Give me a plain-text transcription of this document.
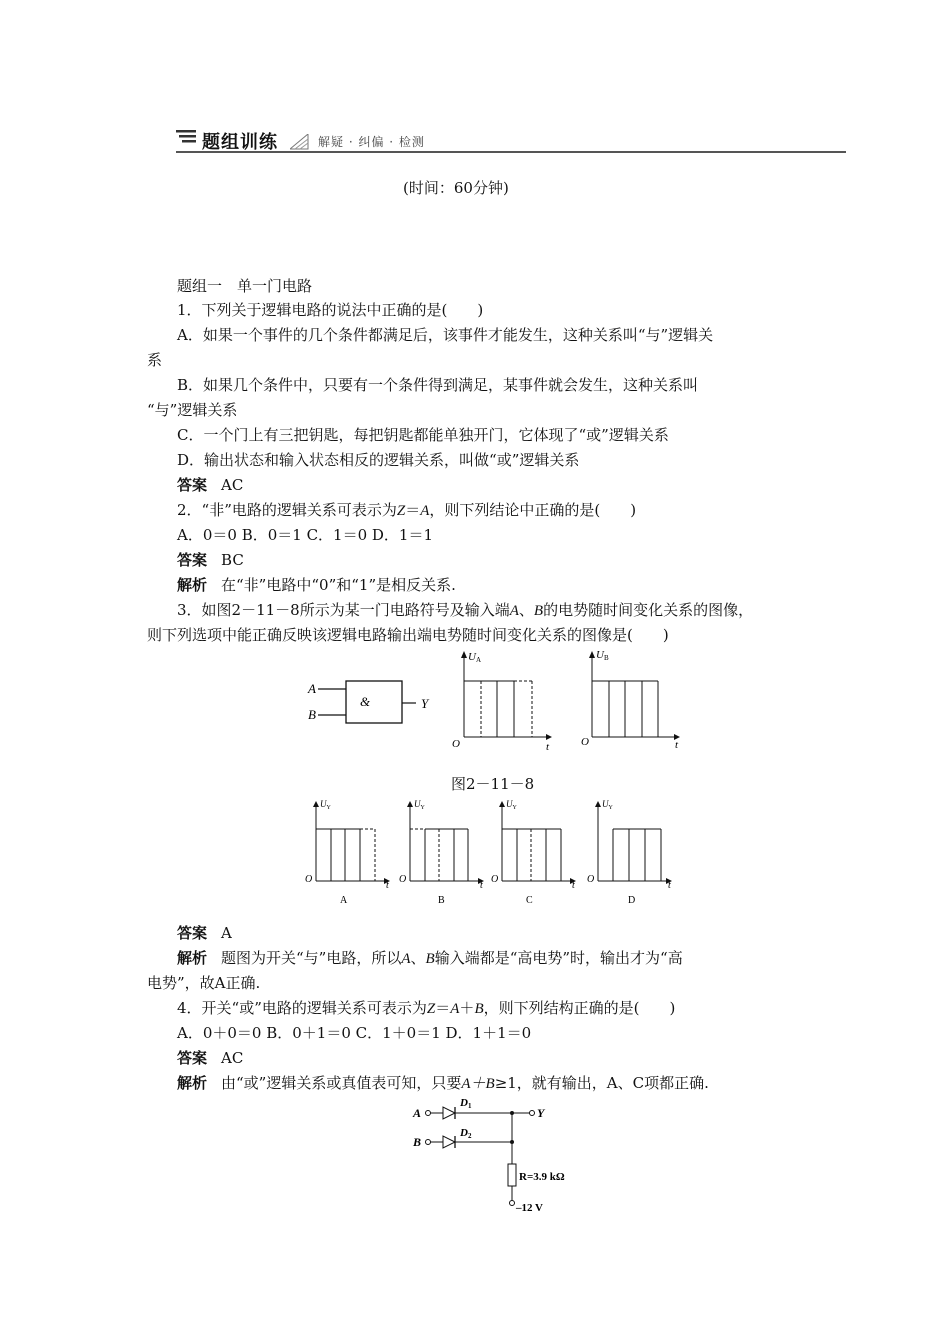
题组训练	解疑 · 纠偏 · 检测
(时间：60分钟)
题组一　单一门电路
1．下列关于逻辑电路的说法中正确的是(　　)
A．如果一个事件的几个条件都满足后，该事件才能发生，这种关系叫“与”逻辑关
系
B．如果几个条件中，只要有一个条件得到满足，某事件就会发生，这种关系叫
“与”逻辑关系
C．一个门上有三把钥匙，每把钥匙都能单独开门，它体现了“或”逻辑关系
D．输出状态和输入状态相反的逻辑关系，叫做“或”逻辑关系
答案 AC
2．“非”电路的逻辑关系可表示为Z＝A，则下列结论中正确的是(　　)
A．0＝0 B．0＝1 C．1＝0 D．1＝1
答案 BC
解析 在“非”电路中“0”和“1”是相反关系.
3．如图2－11－8所示为某一门电路符号及输入端A、B的电势随时间变化关系的图像，
则下列选项中能正确反映该逻辑电路输出端电势随时间变化关系的图像是(　　)
&
A
B
Y
UA
O	t
UB
O	t
图2－11－8
$U_Y$
O
t
A
$U_Y$
O
t
B
$U_Y$
O
t
C
$U_Y$
O
t
D
答案 A
解析 题图为开关“与”电路，所以A、B输入端都是“高电势”时，输出才为“高
电势”，故A正确.
4．开关“或”电路的逻辑关系可表示为Z＝A＋B，则下列结构正确的是(　　)
A．0＋0＝0 B．0＋1＝0 C．1＋0＝1 D．1＋1＝0
答案 AC
解析 由“或”逻辑关系或真值表可知，只要A＋B≥1，就有输出，A、C项都正确.
A
D1	Y
B
D2
R=3.9 kΩ
–12 V
